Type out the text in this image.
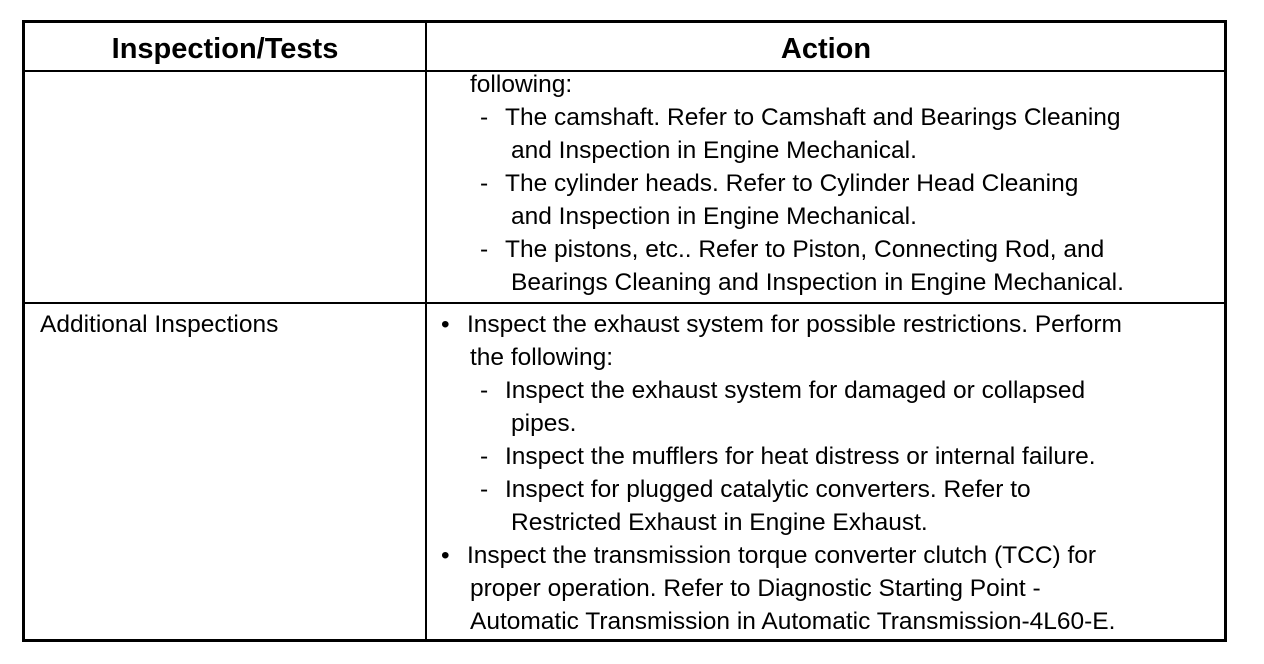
Inspection/Tests	Action
following:
- The camshaft. Refer to Camshaft and Bearings Cleaning
and Inspection in Engine Mechanical.
- The cylinder heads. Refer to Cylinder Head Cleaning
and Inspection in Engine Mechanical.
- The pistons, etc.. Refer to Piston, Connecting Rod, and
Bearings Cleaning and Inspection in Engine Mechanical.
Additional Inspections	• Inspect the exhaust system for possible restrictions. Perform
the following:
- Inspect the exhaust system for damaged or collapsed
pipes.
- Inspect the mufflers for heat distress or internal failure.
- Inspect for plugged catalytic converters. Refer to
Restricted Exhaust in Engine Exhaust.
• Inspect the transmission torque converter clutch (TCC) for
proper operation. Refer to Diagnostic Starting Point -
Automatic Transmission in Automatic Transmission-4L60-E.
